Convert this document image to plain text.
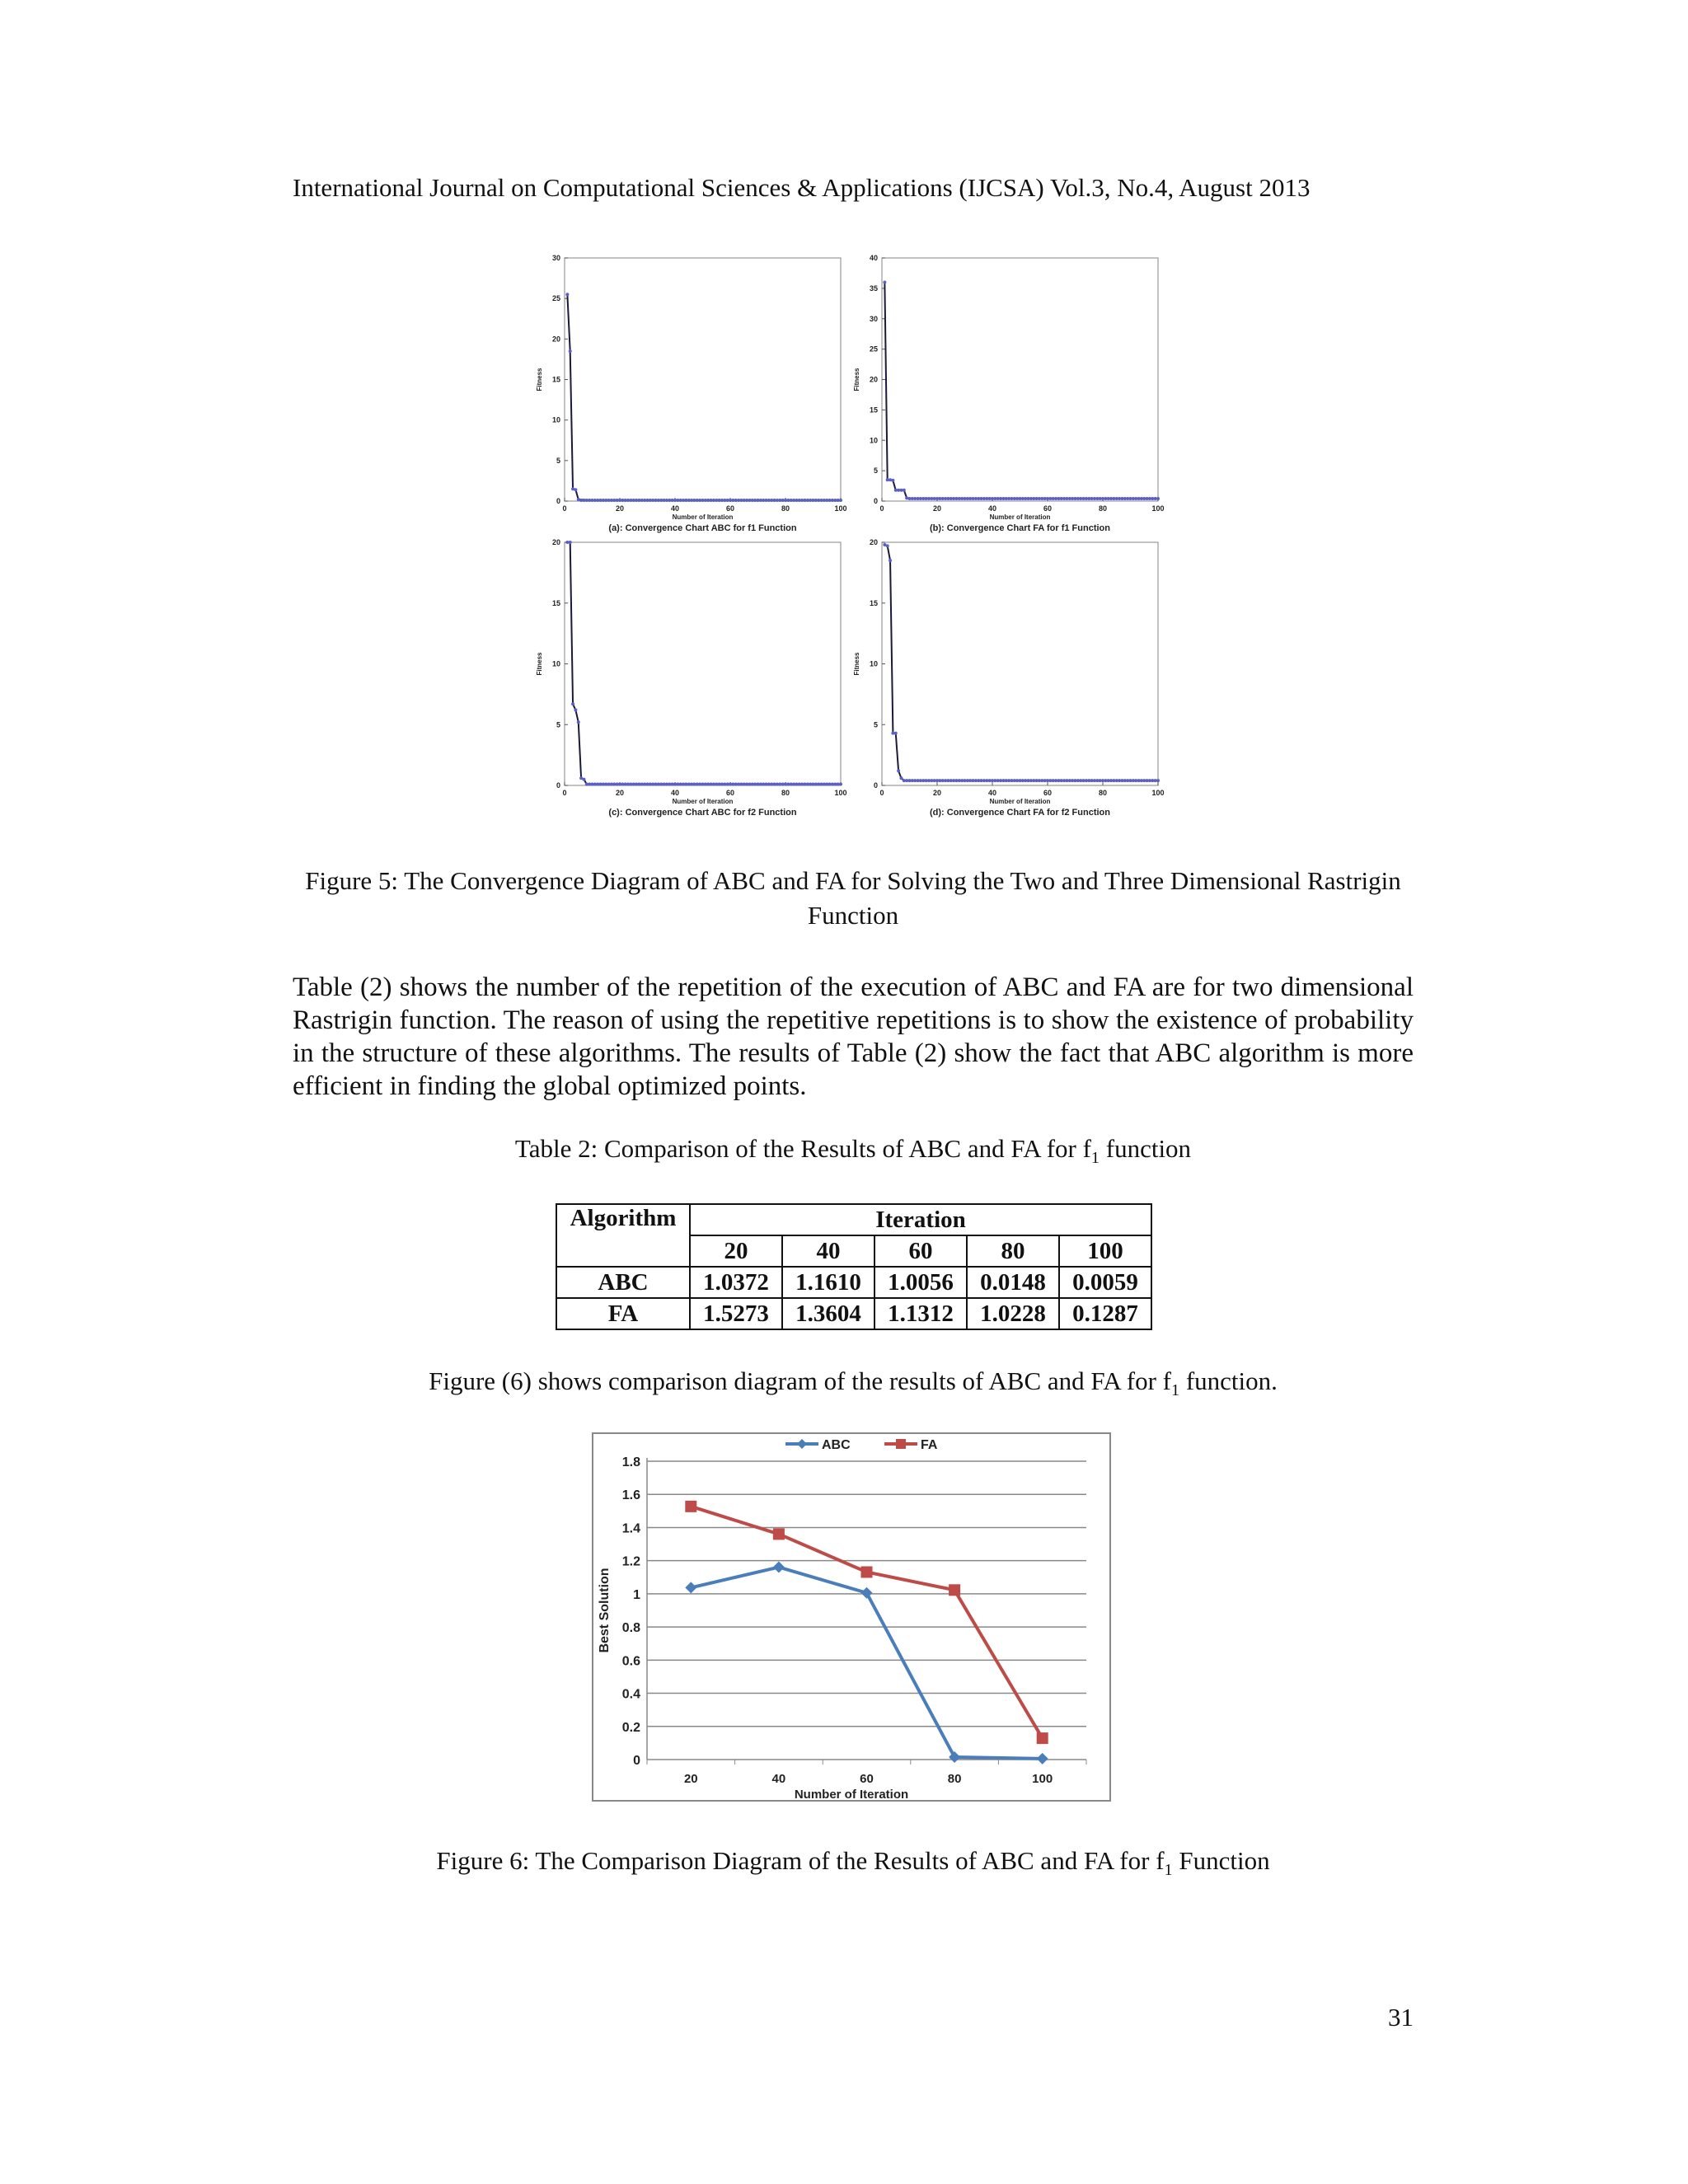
International Journal on Computational Sciences & Applications (IJCSA) Vol.3, No.4, August 2013
0
5
10
15
20
25
30
0	20	40	60	80	100
Number of Iteration
Fitness
(a): Convergence Chart ABC for f1 Function
0
5
10
15
20
25
30
35
40
0	20	40	60	80	100
Number of Iteration
Fitness
(b): Convergence Chart FA for f1 Function
0
5
10
15
20
0	20	40	60	80	100
Number of Iteration
Fitness
(c): Convergence Chart ABC for f2 Function
0
5
10
15
20
0	20	40	60	80	100
Number of Iteration
Fitness
(d): Convergence Chart FA for f2 Function
Figure 5: The Convergence Diagram of ABC and FA for Solving the Two and Three Dimensional Rastrigin
Function
Table (2) shows the number of the repetition of the execution of ABC and FA are for two dimensional Rastrigin function. The reason of using the repetitive repetitions is to show the existence of probability in the structure of these algorithms. The results of Table (2) show the fact that ABC algorithm is more efficient in finding the global optimized points.
Table 2: Comparison of the Results of ABC and FA for $f_1$ function
Algorithm	Iteration				
	20	40	60	80	100
ABC	1.0372	1.1610	1.0056	0.0148	0.0059
FA	1.5273	1.3604	1.1312	1.0228	0.1287
Figure (6) shows comparison diagram of the results of ABC and FA for $f_1$ function.
0
0.2
0.4
0.6
0.8
1
1.2
1.4
1.6
1.8
20	40	60	80	100
Number of Iteration
Best Solution
ABC	FA
Figure 6: The Comparison Diagram of the Results of ABC and FA for $f_1$ Function
31
